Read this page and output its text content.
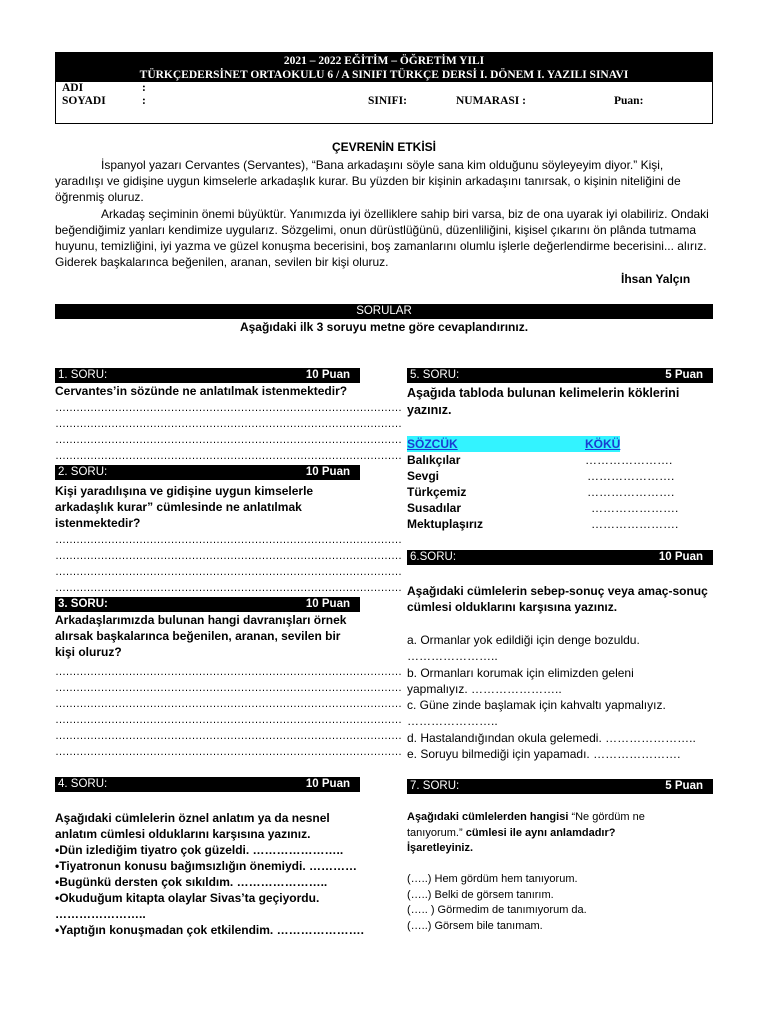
2021 – 2022 EĞİTİM – ÖĞRETİM YILI
TÜRKÇEDERSİNET ORTAOKULU 6 / A SINIFI TÜRKÇE DERSİ I. DÖNEM I. YAZILI SINAVI
ADI	:
SOYADI	:	SINIFI:	NUMARASI :	Puan:
ÇEVRENİN ETKİSİ
İspanyol yazarı Cervantes (Servantes), “Bana arkadaşını söyle sana kim olduğunu söyleyeyim diyor.” Kişi, yaradılışı ve gidişine uygun kimselerle arkadaşlık kurar. Bu yüzden bir kişinin arkadaşını tanırsak, o kişinin niteliğini de öğrenmiş oluruz.
Arkadaş seçiminin önemi büyüktür. Yanımızda iyi özelliklere sahip biri varsa, biz de ona uyarak iyi olabiliriz. Ondaki beğendiğimiz yanları kendimize uygularız. Sözgelimi, onun dürüstlüğünü, düzenliliğini, kişisel çıkarını ön plânda tutmama huyunu, temizliğini, iyi yazma ve güzel konuşma becerisini, boş zamanlarını olumlu işlerle değerlendirme becerisini... alırız. Giderek başkalarınca beğenilen, aranan, sevilen bir kişi oluruz.
İhsan Yalçın
SORULAR
Aşağıdaki ilk 3 soruyu metne göre cevaplandırınız.
1. SORU:	10 Puan
Cervantes’in sözünde ne anlatılmak istenmektedir?
………………………………………………………………………………………
………………………………………………………………………………………
………………………………………………………………………………………
………………………………………………………………………………………
2. SORU:	10 Puan
Kişi yaradılışına ve gidişine uygun kimselerle
arkadaşlık kurar” cümlesinde ne anlatılmak
istenmektedir?
………………………………………………………………………………………
………………………………………………………………………………………
………………………………………………………………………………………
………………………………………………………………………………………
3. SORU:	10 Puan
Arkadaşlarımızda bulunan hangi davranışları örnek
alırsak başkalarınca beğenilen, aranan, sevilen bir
kişi oluruz?
………………………………………………………………………………………
………………………………………………………………………………………
………………………………………………………………………………………
………………………………………………………………………………………
………………………………………………………………………………………
………………………………………………………………………………………
4. SORU:	10 Puan
Aşağıdaki cümlelerin öznel anlatım ya da nesnel
anlatım cümlesi olduklarını karşısına yazınız.
•Dün izlediğim tiyatro çok güzeldi. …………………..
•Tiyatronun konusu bağımsızlığın önemiydi. …………
•Bugünkü dersten çok sıkıldım. …………………..
•Okuduğum kitapta olaylar Sivas’ta geçiyordu.
…………………..
•Yaptığın konuşmadan çok etkilendim. ………………….
5. SORU:	5 Puan
Aşağıda tabloda bulunan kelimelerin köklerini
yazınız.
SÖZCÜK	KÖKÜ
Balıkçılar	………………….
Sevgi	………………….
Türkçemiz	………………….
Susadılar	………………….
Mektuplaşırız	………………….
6.SORU:	10 Puan
Aşağıdaki cümlelerin sebep-sonuç veya amaç-sonuç
cümlesi olduklarını karşısına yazınız.
a. Ormanlar yok edildiği için denge bozuldu.
…………………..
b. Ormanları korumak için elimizden geleni
yapmalıyız. …………………..
c. Güne zinde başlamak için kahvaltı yapmalıyız.
…………………..
d. Hastalandığından okula gelemedi. …………………..
e. Soruyu bilmediği için yapamadı. ………………….
7. SORU:	5 Puan
Aşağıdaki cümlelerden hangisi “Ne gördüm ne
tanıyorum.” cümlesi ile aynı anlamdadır?
İşaretleyiniz.
(…..) Hem gördüm hem tanıyorum.
(…..) Belki de görsem tanırım.
(….. ) Görmedim de tanımıyorum da.
(…..) Görsem bile tanımam.
